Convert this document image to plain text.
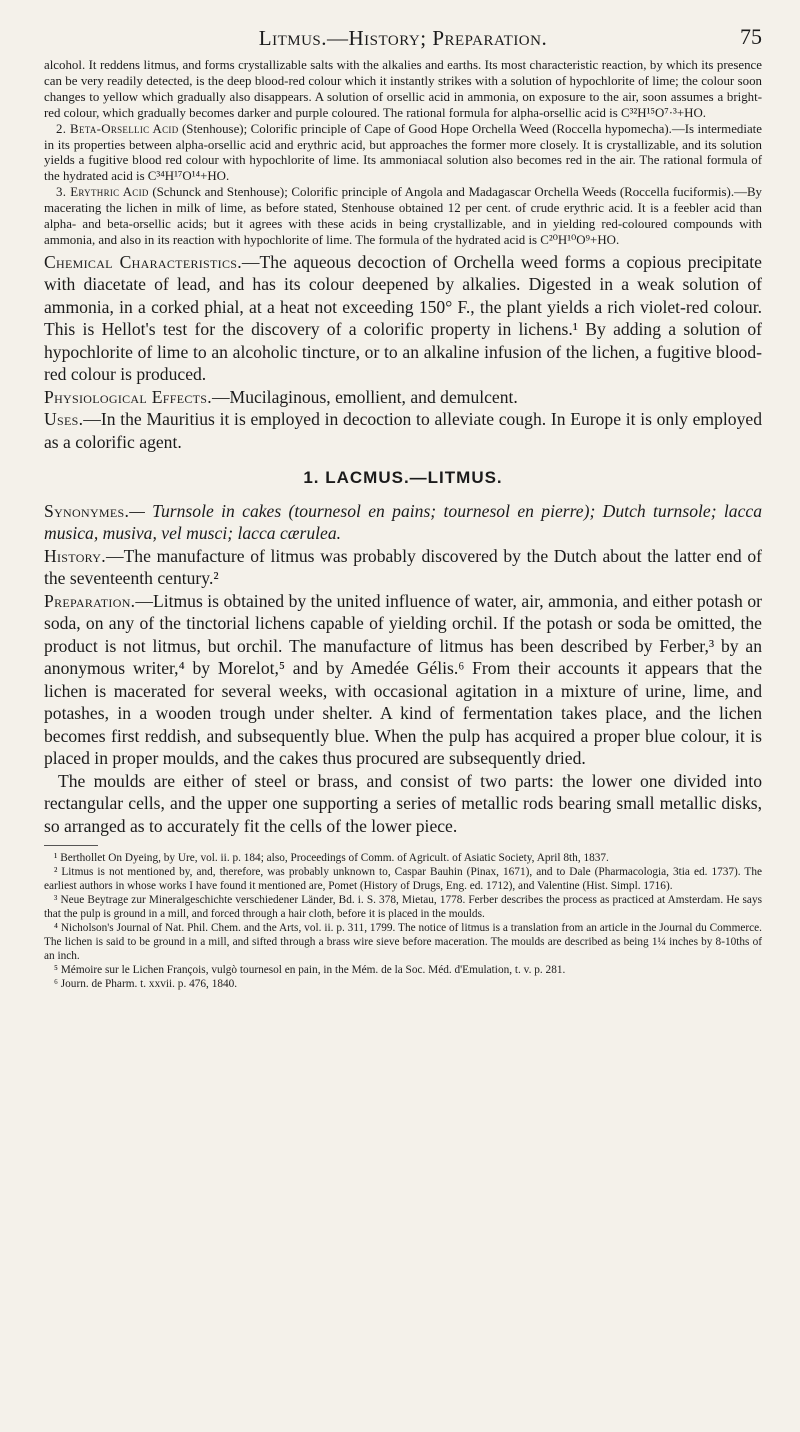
Litmus.—History; Preparation.	75

alcohol. It reddens litmus, and forms crystallizable salts with the alkalies and earths. Its most characteristic reaction, by which its presence can be very readily detected, is the deep blood-red colour which it instantly strikes with a solution of hypochlorite of lime; the colour soon changes to yellow which gradually also disappears. A solution of orsellic acid in ammonia, on exposure to the air, soon assumes a bright-red colour, which gradually becomes darker and purple coloured. The rational formula for alpha-orsellic acid is C³²H¹⁵O⁷·³+HO.

2. Beta-Orsellic Acid (Stenhouse); Colorific principle of Cape of Good Hope Orchella Weed (Roccella hypomecha).—Is intermediate in its properties between alpha-orsellic acid and erythric acid, but approaches the former more closely. It is crystallizable, and its solution yields a fugitive blood red colour with hypochlorite of lime. Its ammoniacal solution also becomes red in the air. The rational formula of the hydrated acid is C³⁴H¹⁷O¹⁴+HO.

3. Erythric Acid (Schunck and Stenhouse); Colorific principle of Angola and Madagascar Orchella Weeds (Roccella fuciformis).—By macerating the lichen in milk of lime, as before stated, Stenhouse obtained 12 per cent. of crude erythric acid. It is a feebler acid than alpha- and beta-orsellic acids; but it agrees with these acids in being crystallizable, and in yielding red-coloured compounds with ammonia, and also in its reaction with hypochlorite of lime. The formula of the hydrated acid is C²⁰H¹⁰O⁹+HO.

Chemical Characteristics.—The aqueous decoction of Orchella weed forms a copious precipitate with diacetate of lead, and has its colour deepened by alkalies. Digested in a weak solution of ammonia, in a corked phial, at a heat not exceeding 150° F., the plant yields a rich violet-red colour. This is Hellot's test for the discovery of a colorific property in lichens.¹ By adding a solution of hypochlorite of lime to an alcoholic tincture, or to an alkaline infusion of the lichen, a fugitive blood-red colour is produced.

Physiological Effects.—Mucilaginous, emollient, and demulcent.

Uses.—In the Mauritius it is employed in decoction to alleviate cough. In Europe it is only employed as a colorific agent.

1. LACMUS.—LITMUS.

Synonymes.— Turnsole in cakes (tournesol en pains; tournesol en pierre); Dutch turnsole; lacca musica, musiva, vel musci; lacca cærulea.

History.—The manufacture of litmus was probably discovered by the Dutch about the latter end of the seventeenth century.²

Preparation.—Litmus is obtained by the united influence of water, air, ammonia, and either potash or soda, on any of the tinctorial lichens capable of yielding orchil. If the potash or soda be omitted, the product is not litmus, but orchil. The manufacture of litmus has been described by Ferber,³ by an anonymous writer,⁴ by Morelot,⁵ and by Amedée Gélis.⁶ From their accounts it appears that the lichen is macerated for several weeks, with occasional agitation in a mixture of urine, lime, and potashes, in a wooden trough under shelter. A kind of fermentation takes place, and the lichen becomes first reddish, and subsequently blue. When the pulp has acquired a proper blue colour, it is placed in proper moulds, and the cakes thus procured are subsequently dried.

The moulds are either of steel or brass, and consist of two parts: the lower one divided into rectangular cells, and the upper one supporting a series of metallic rods bearing small metallic disks, so arranged as to accurately fit the cells of the lower piece.

¹ Berthollet On Dyeing, by Ure, vol. ii. p. 184; also, Proceedings of Comm. of Agricult. of Asiatic Society, April 8th, 1837.

² Litmus is not mentioned by, and, therefore, was probably unknown to, Caspar Bauhin (Pinax, 1671), and to Dale (Pharmacologia, 3tia ed. 1737). The earliest authors in whose works I have found it mentioned are, Pomet (History of Drugs, Eng. ed. 1712), and Valentine (Hist. Simpl. 1716).

³ Neue Beytrage zur Mineralgeschichte verschiedener Länder, Bd. i. S. 378, Mietau, 1778. Ferber describes the process as practiced at Amsterdam. He says that the pulp is ground in a mill, and forced through a hair cloth, before it is placed in the moulds.

⁴ Nicholson's Journal of Nat. Phil. Chem. and the Arts, vol. ii. p. 311, 1799. The notice of litmus is a translation from an article in the Journal du Commerce. The lichen is said to be ground in a mill, and sifted through a brass wire sieve before maceration. The moulds are described as being 1¼ inches by 8-10ths of an inch.

⁵ Mémoire sur le Lichen François, vulgò tournesol en pain, in the Mém. de la Soc. Méd. d'Emulation, t. v. p. 281.

⁶ Journ. de Pharm. t. xxvii. p. 476, 1840.
